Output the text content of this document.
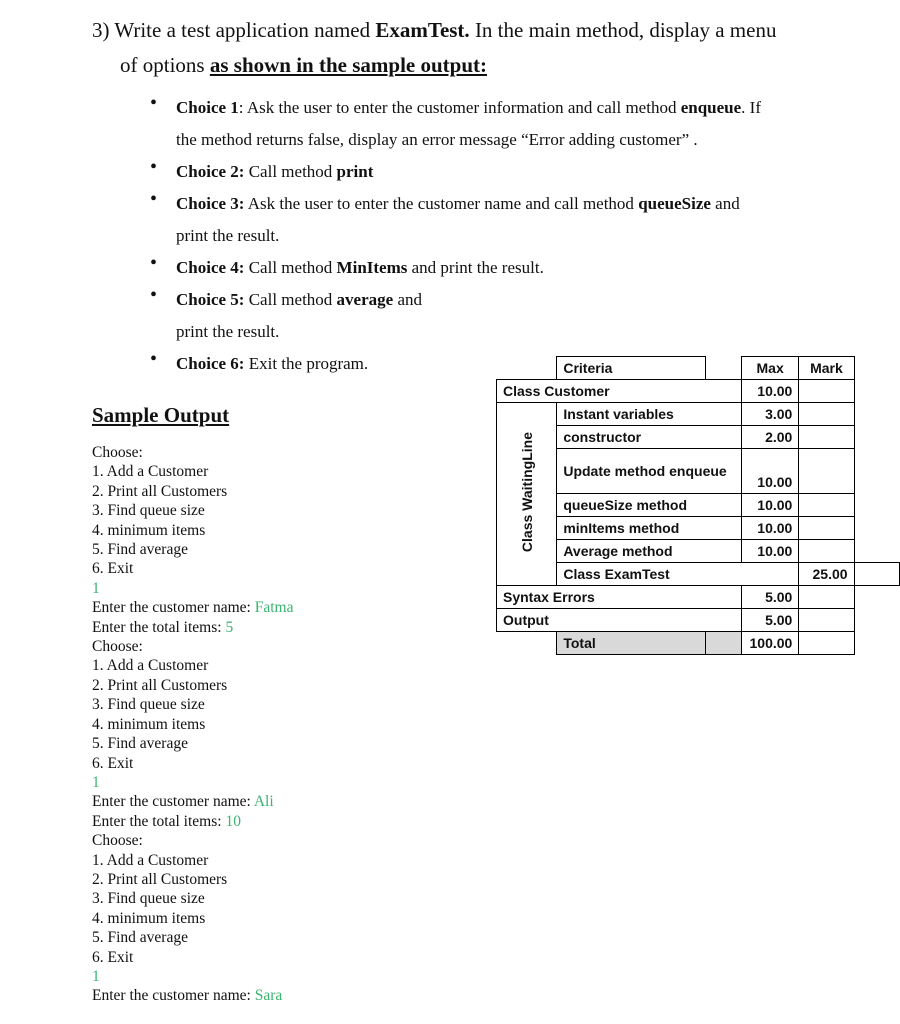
3) Write a test application named ExamTest. In the main method, display a menu
of options as shown in the sample output:
• Choice 1: Ask the user to enter the customer information and call method enqueue. If
the method returns false, display an error message “Error adding customer” .
• Choice 2: Call method print
• Choice 3: Ask the user to enter the customer name and call method queueSize and
print the result.
• Choice 4: Call method MinItems and print the result.
• Choice 5: Call method average and
print the result.
• Choice 6: Exit the program.
Sample Output
Choose:
1. Add a Customer
2. Print all Customers
3. Find queue size
4. minimum items
5. Find average
6. Exit
1
Enter the customer name: Fatma
Enter the total items: 5
Choose:
1. Add a Customer
2. Print all Customers
3. Find queue size
4. minimum items
5. Find average
6. Exit
1
Enter the customer name: Ali
Enter the total items: 10
Choose:
1. Add a Customer
2. Print all Customers
3. Find queue size
4. minimum items
5. Find average
6. Exit
1
Enter the customer name: Sara
	Criteria		Max	Mark	
Class Customer			10.00		
Class WaitingLine	Instant variables		3.00		
	constructor		2.00		
	Update method enqueue		10.00		
	queueSize method		10.00		
	minItems method		10.00		
	Average method		10.00		
	Class ExamTest			25.00	
Syntax Errors			5.00		
Output			5.00		
	Total		100.00		
